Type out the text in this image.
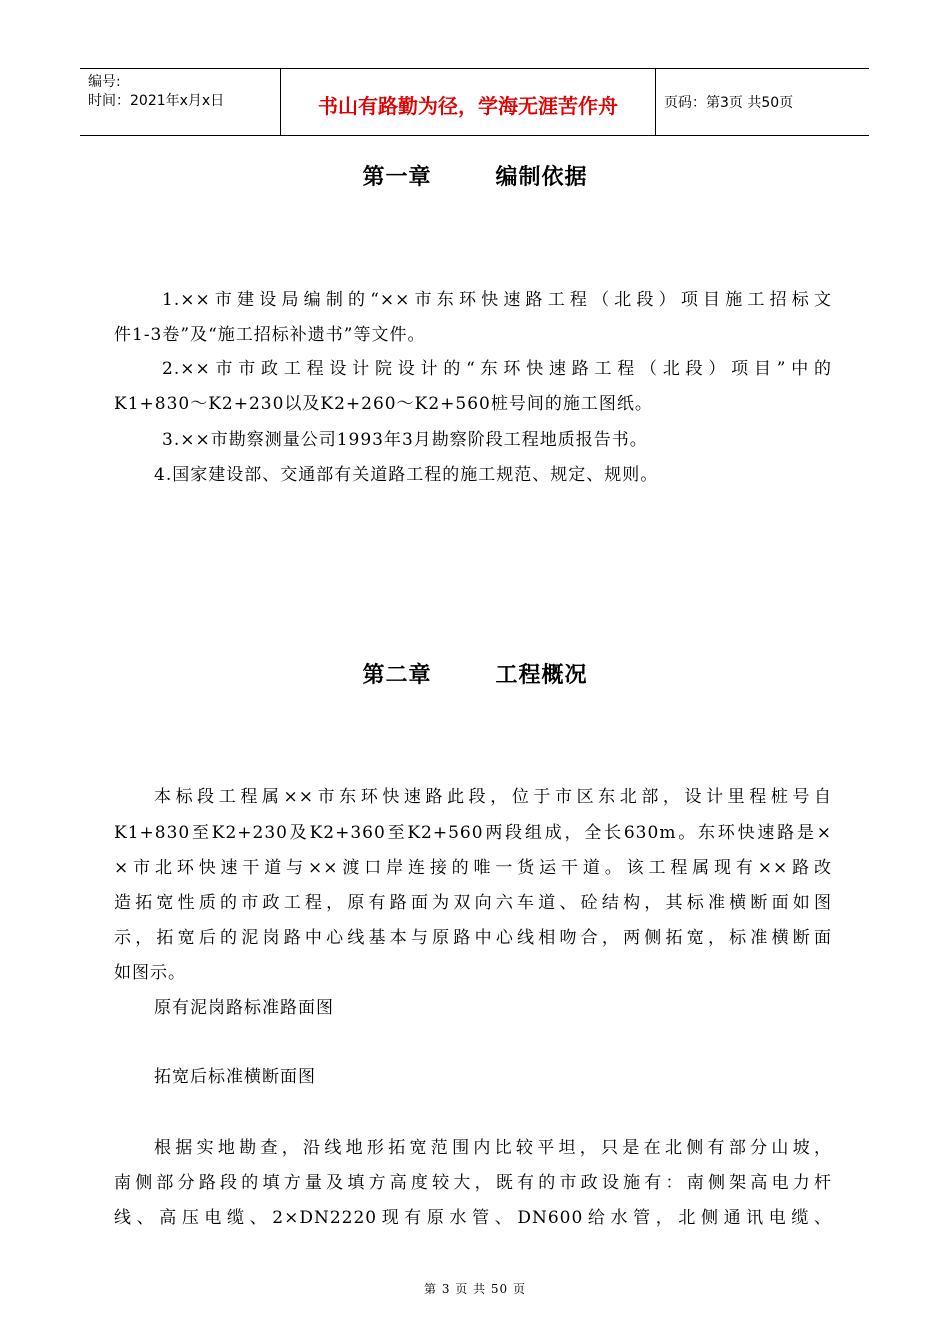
编号:
时间：2021年x月x日	书山有路勤为径，学海无涯苦作舟	页码：第3页 共50页
第一章	编制依据
1.××市建设局编制的“××市东环快速路工程（北段）项目施工招标文
件1-3卷”及“施工招标补遗书”等文件。
2.××市市政工程设计院设计的“东环快速路工程（北段）项目”中的
K1+830～K2+230以及K2+260～K2+560桩号间的施工图纸。
3.××市勘察测量公司1993年3月勘察阶段工程地质报告书。
4.国家建设部、交通部有关道路工程的施工规范、规定、规则。
第二章	工程概况
本标段工程属××市东环快速路此段，位于市区东北部，设计里程桩号自
K1+830至K2+230及K2+360至K2+560两段组成，全长630m。东环快速路是×
×市北环快速干道与××渡口岸连接的唯一货运干道。该工程属现有××路改
造拓宽性质的市政工程，原有路面为双向六车道、砼结构，其标准横断面如图
示，拓宽后的泥岗路中心线基本与原路中心线相吻合，两侧拓宽，标准横断面
如图示。
原有泥岗路标准路面图
拓宽后标准横断面图
根据实地勘查，沿线地形拓宽范围内比较平坦，只是在北侧有部分山坡，
南侧部分路段的填方量及填方高度较大，既有的市政设施有：南侧架高电力杆
线、高压电缆、2×DN2220现有原水管、DN600给水管，北侧通讯电缆、
第 3 页 共 50 页
